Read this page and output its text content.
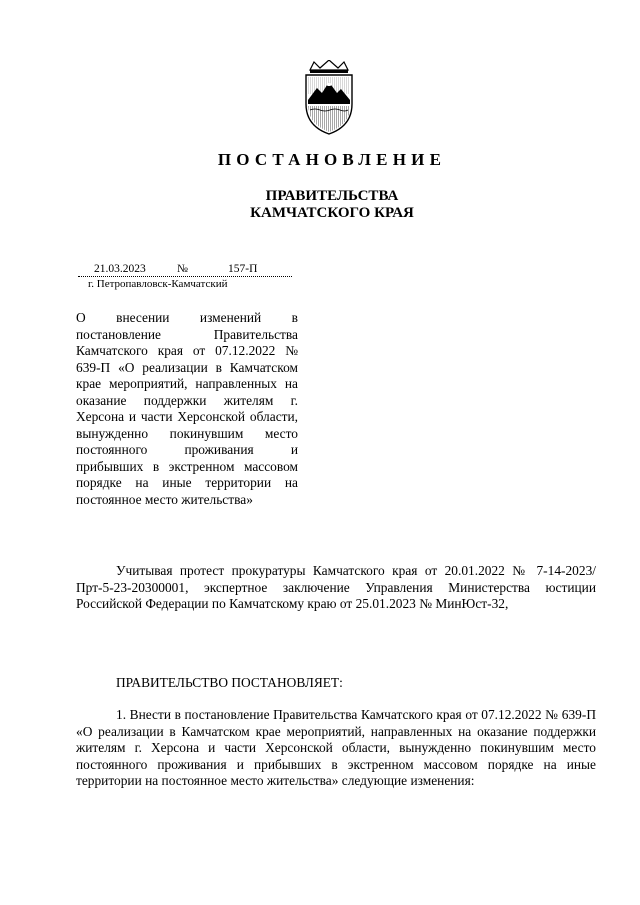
ПОСТАНОВЛЕНИЕ
ПРАВИТЕЛЬСТВА
КАМЧАТСКОГО КРАЯ
21.03.2023	№	157-П
г. Петропавловск-Камчатский
О внесении изменений в постановление Правительства Камчатского края от 07.12.2022 № 639-П «О реализации в Камчатском крае мероприятий, направленных на оказание поддержки жителям г. Херсона и части Херсонской области, вынужденно покинувшим место постоянного проживания и прибывших в экстренном массовом порядке на иные территории на постоянное место жительства»
Учитывая протест прокуратуры Камчатского края от 20.01.2022 № 7-14-2023/Прт-5-23-20300001, экспертное заключение Управления Министерства юстиции Российской Федерации по Камчатскому краю от 25.01.2023 № МинЮст-32,
ПРАВИТЕЛЬСТВО ПОСТАНОВЛЯЕТ:
1. Внести в постановление Правительства Камчатского края от 07.12.2022 № 639-П «О реализации в Камчатском крае мероприятий, направленных на оказание поддержки жителям г. Херсона и части Херсонской области, вынужденно покинувшим место постоянного проживания и прибывших в экстренном массовом порядке на иные территории на постоянное место жительства» следующие изменения:
